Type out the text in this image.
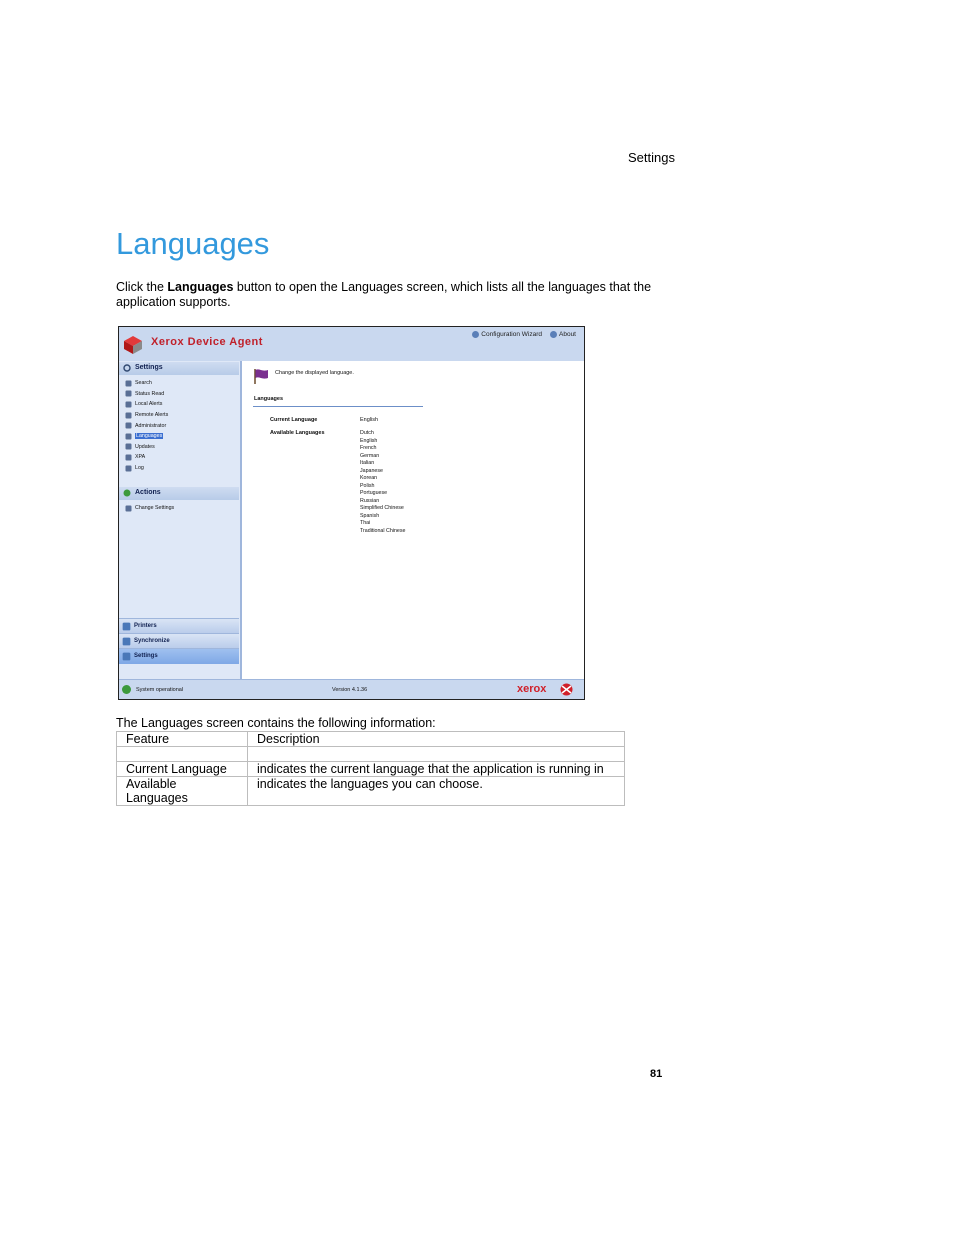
Settings
Languages

Click the Languages button to open the Languages screen, which lists all the languages that the application supports.

Xerox Device Agent
Configuration Wizard	About
Settings
Search
Status Read
Local Alerts
Remote Alerts
Administrator
Languages
Updates
XPA
Log
Actions
Change Settings
Printers
Synchronize
Settings
Change the displayed language.
Languages
Current Language	English
Available Languages	Dutch
English
French
German
Italian
Japanese
Korean
Polish
Portuguese
Russian
Simplified Chinese
Spanish
Thai
Traditional Chinese
System operational	Version 4.1.36	xerox
The Languages screen contains the following information:
Feature	Description

Current Language	indicates the current language that the application is running in
Available Languages	indicates the languages you can choose.
81
